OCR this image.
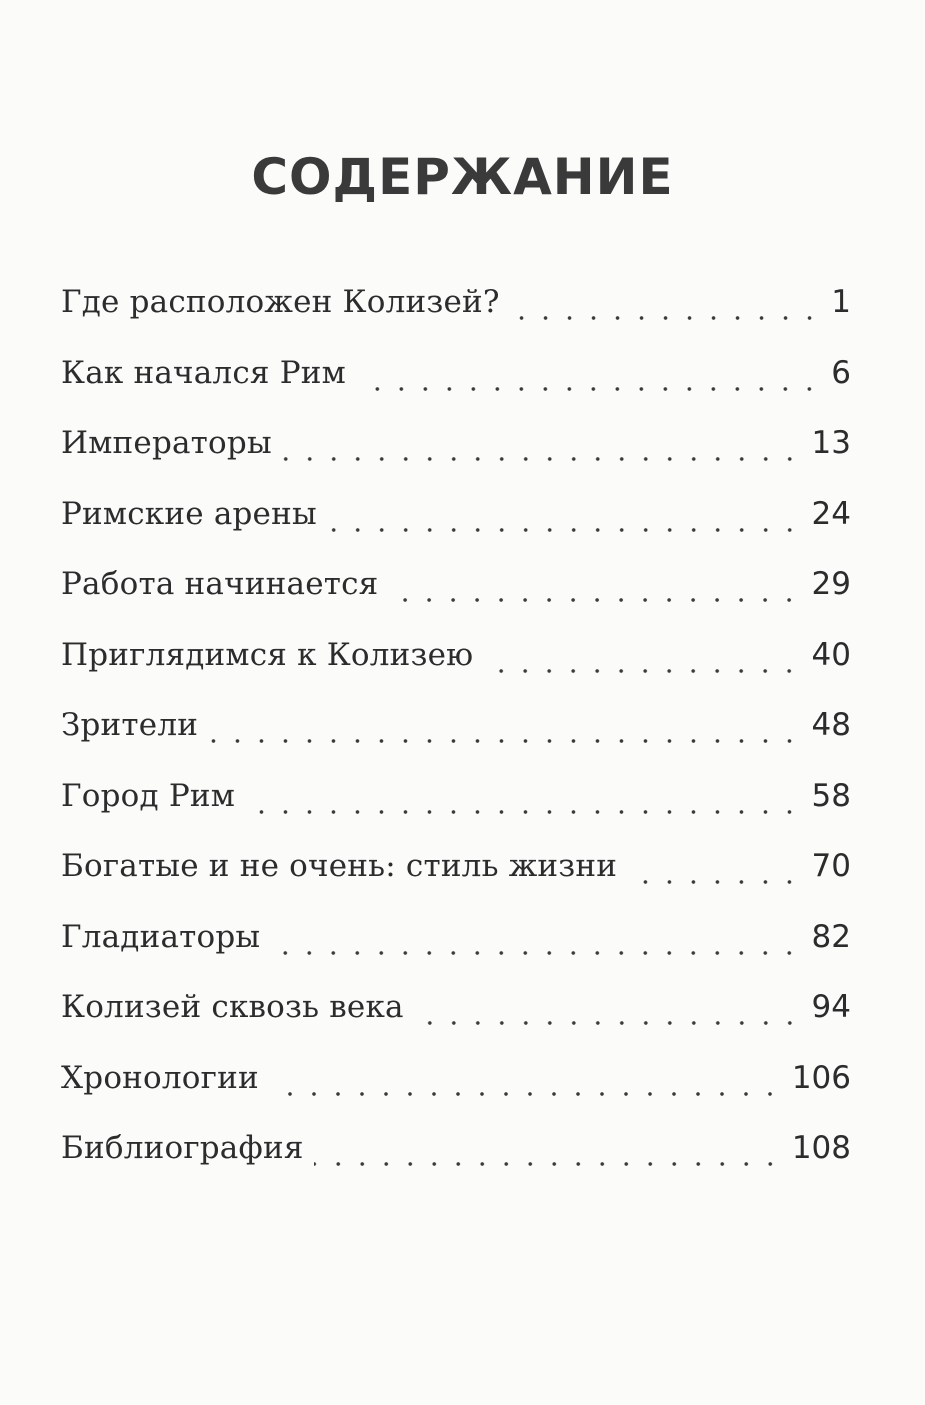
СОДЕРЖАНИЕ
Где расположен Колизей?	1
Как начался Рим	6
Императоры	13
Римские арены	24
Работа начинается	29
Приглядимся к Колизею	40
Зрители	48
Город Рим	58
Богатые и не очень: стиль жизни	70
Гладиаторы	82
Колизей сквозь века	94
Хронологии	106
Библиография	108
